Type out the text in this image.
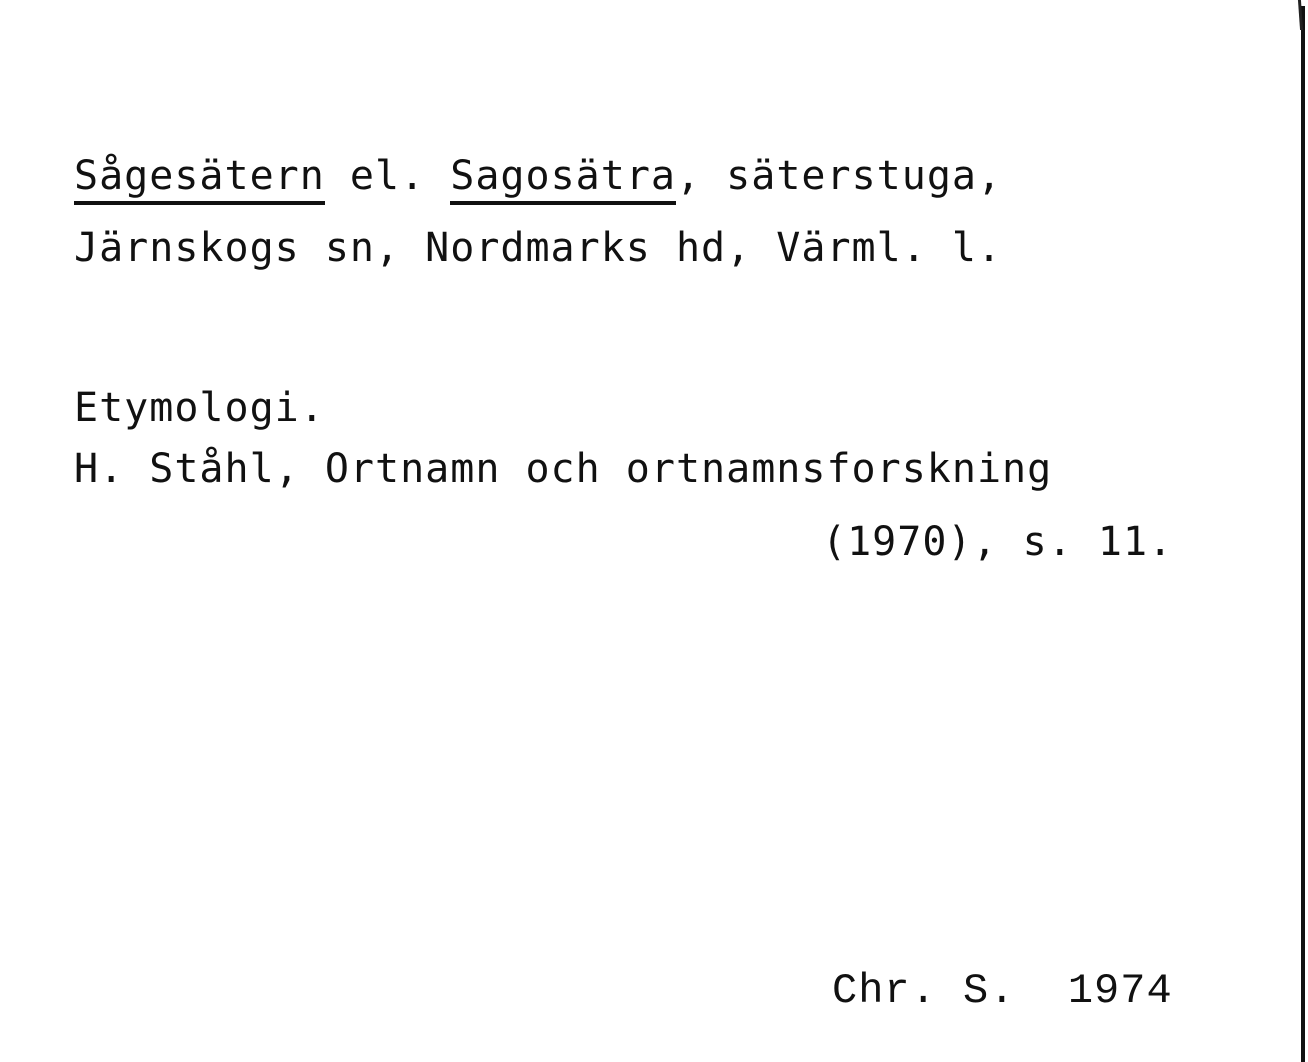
Sågesätern el. Sagosätra, säterstuga,
Järnskogs sn, Nordmarks hd, Värml. l.
Etymologi.
H. Ståhl, Ortnamn och ortnamnsforskning
(1970), s. 11.
Chr. S.  1974
